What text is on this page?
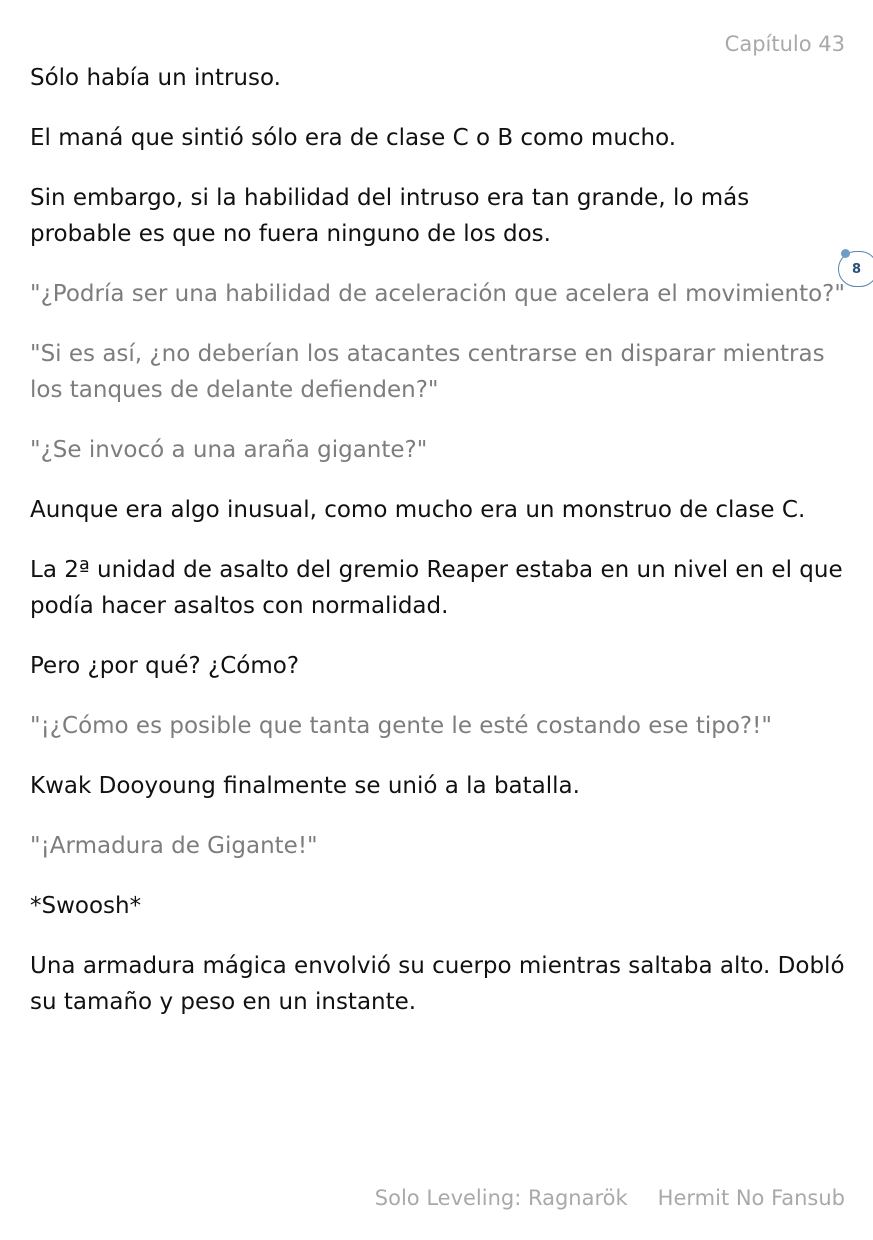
Capítulo 43

Sólo había un intruso.

El maná que sintió sólo era de clase C o B como mucho.

Sin embargo, si la habilidad del intruso era tan grande, lo más probable es que no fuera ninguno de los dos.

"¿Podría ser una habilidad de aceleración que acelera el movimiento?"

"Si es así, ¿no deberían los atacantes centrarse en disparar mientras los tanques de delante defienden?"

"¿Se invocó a una araña gigante?"

Aunque era algo inusual, como mucho era un monstruo de clase C.

La 2ª unidad de asalto del gremio Reaper estaba en un nivel en el que podía hacer asaltos con normalidad.

Pero ¿por qué? ¿Cómo?

"¡¿Cómo es posible que tanta gente le esté costando ese tipo?!"

Kwak Dooyoung finalmente se unió a la batalla.

"¡Armadura de Gigante!"

*Swoosh*

Una armadura mágica envolvió su cuerpo mientras saltaba alto. Dobló su tamaño y peso en un instante.

8
Solo Leveling: Ragnarök Hermit No Fansub
